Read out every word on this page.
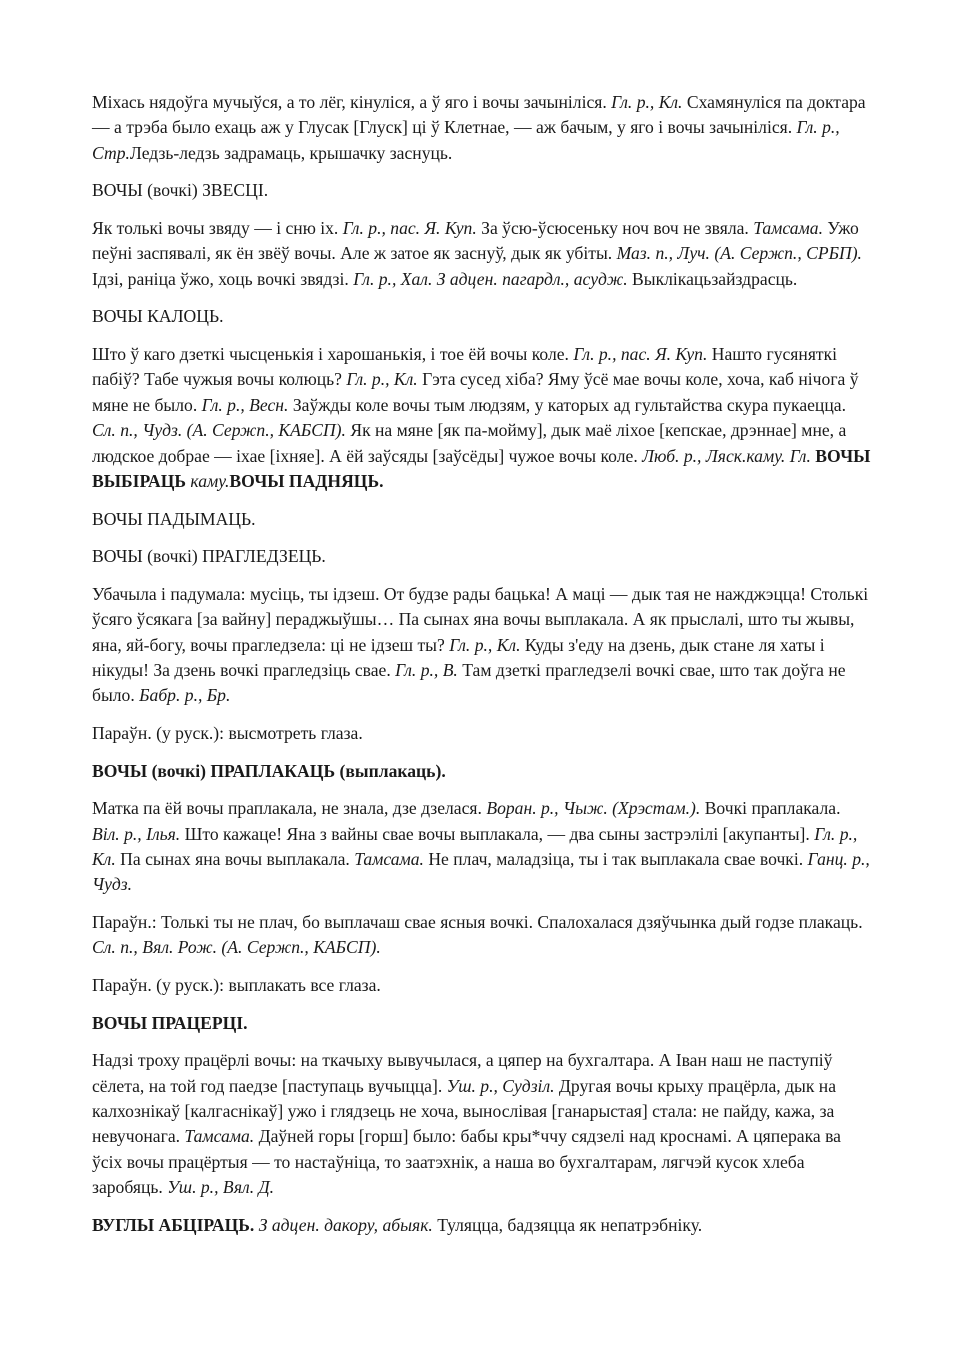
Міхась нядоўга мучыўся, а то лёг, кінуліся, а ў яго і вочы зачыніліся. Гл. р., Кл. Схамянуліся па доктара — а трэба было ехаць аж у Глусак [Глуск] ці ў Клетнае, — аж бачым, у яго і вочы зачыніліся. Гл. р., Стр.Ледзь-ледзь задрамаць, крышачку заснуць.

ВОЧЫ (вочкі) ЗВЕСЦІ.

Як толькі вочы звяду — і сню іх. Гл. р., пас. Я. Куп. За ўсю-ўсюсеньку ноч воч не звяла. Тамсама. Ужо пеўні заспявалі, як ён звёў вочы. Але ж затое як заснуў, дык як убіты. Маз. п., Луч. (А. Сержп., СРБП). Ідзі, раніца ўжо, хоць вочкі звядзі. Гл. р., Хал. З адцен. пагардл., асудж. Выклікацьзайздрасць.

ВОЧЫ КАЛОЦЬ.

Што ў каго дзеткі чысценькія і харошанькія, і тое ёй вочы коле. Гл. р., пас. Я. Куп. Нашто гусяняткі пабіў? Табе чужыя вочы колюць? Гл. р., Кл. Гэта сусед хіба? Яму ўсё мае вочы коле, хоча, каб нічога ў мяне не было. Гл. р., Весн. Заўжды коле вочы тым людзям, у каторых ад гультайства скура пукаецца. Сл. п., Чудз. (А. Сержп., КАБСП). Як на мяне [як па-мойму], дык маё ліхое [кепскае, дрэннае] мне, а людское добрае — іхае [іхняе]. А ёй заўсяды [заўсёды] чужое вочы коле. Люб. р., Ляск.каму. Гл. ВОЧЫ ВЫБІРАЦЬ каму.ВОЧЫ ПАДНЯЦЬ.

ВОЧЫ ПАДЫМАЦЬ.

ВОЧЫ (вочкі) ПРАГЛЕДЗЕЦЬ.

Убачыла і падумала: мусіць, ты ідзеш. От будзе рады бацька! А маці — дык тая не нажджэцца! Столькі ўсяго ўсякага [за вайну] пераджыўшы… Па сынах яна вочы выплакала. А як прыслалі, што ты жывы, яна, яй-богу, вочы прагледзела: ці не ідзеш ты? Гл. р., Кл. Куды з'еду на дзень, дык стане ля хаты і нікуды! За дзень вочкі прагледзіць свае. Гл. р., В. Там дзеткі прагледзелі вочкі свае, што так доўга не было. Бабр. р., Бр.

Параўн. (у руск.): высмотреть глаза.

ВОЧЫ (вочкі) ПРАПЛАКАЦЬ (выплакаць).

Матка па ёй вочы праплакала, не знала, дзе дзелася. Воран. р., Чыж. (Хрэстам.). Вочкі праплакала. Віл. р., Ілья. Што кажаце! Яна з вайны свае вочы выплакала, — два сыны застрэлілі [акупанты]. Гл. р., Кл. Па сынах яна вочы выплакала. Тамсама. Не плач, маладзіца, ты і так выплакала свае вочкі. Ганц. р., Чудз.

Параўн.: Толькі ты не плач, бо выплачаш свае ясныя вочкі. Спалохалася дзяўчынка дый годзе плакаць. Сл. п., Вял. Рож. (А. Сержп., КАБСП).

Параўн. (у руск.): выплакать все глаза.

ВОЧЫ ПРАЦЕРЦІ.

Надзі троху працёрлі вочы: на ткачыху вывучылася, а цяпер на бухгалтара. А Іван наш не паступіў сёлета, на той год паедзе [паступаць вучыцца]. Уш. р., Судзіл. Другая вочы крыху працёрла, дык на калхознікаў [калгаснікаў] ужо і глядзець не хоча, вынослівая [ганарыстая] стала: не пайду, кажа, за невучонага. Тамсама. Даўней горы [горш] было: бабы кры*ччу сядзелі над кроснамі. А цяперака ва ўсіх вочы працёртыя — то настаўніца, то заатэхнік, а наша во бухгалтарам, лягчэй кусок хлеба заробяць. Уш. р., Вял. Д.

ВУГЛЫ АБЦІРАЦЬ. З адцен. дакору, абыяк. Туляцца, бадзяцца як непатрэбніку.
